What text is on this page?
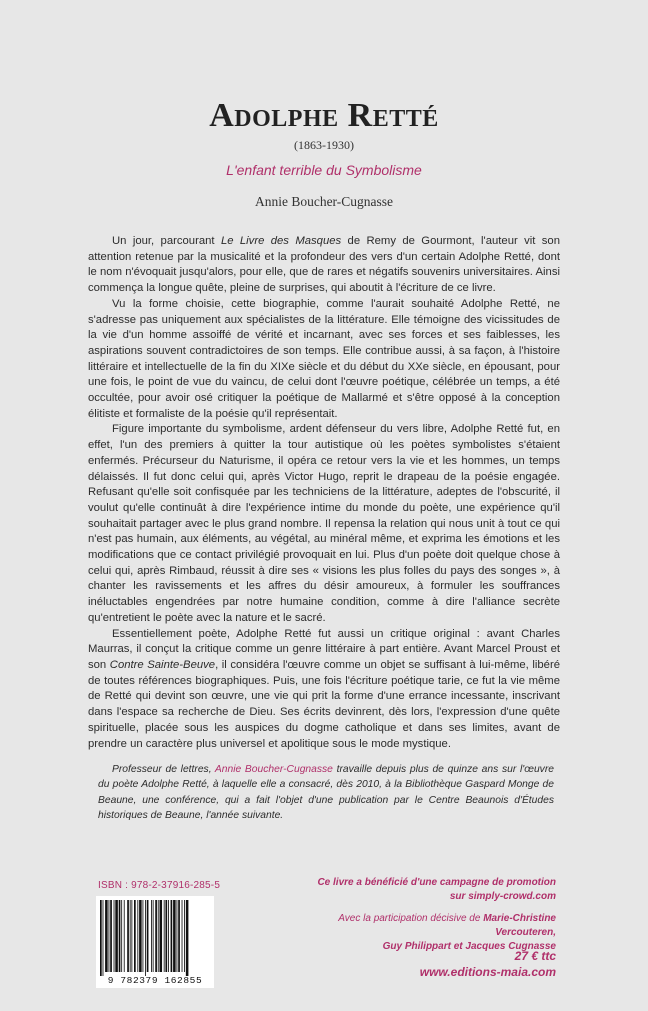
Adolphe Retté
(1863-1930)
L'enfant terrible du Symbolisme
Annie Boucher-Cugnasse

Un jour, parcourant Le Livre des Masques de Remy de Gourmont, l'auteur vit son attention retenue par la musicalité et la profondeur des vers d'un certain Adolphe Retté, dont le nom n'évoquait jusqu'alors, pour elle, que de rares et négatifs souvenirs universitaires. Ainsi commença la longue quête, pleine de surprises, qui aboutit à l'écriture de ce livre.

Vu la forme choisie, cette biographie, comme l'aurait souhaité Adolphe Retté, ne s'adresse pas uniquement aux spécialistes de la littérature. Elle témoigne des vicissitudes de la vie d'un homme assoiffé de vérité et incarnant, avec ses forces et ses faiblesses, les aspirations souvent contradictoires de son temps. Elle contribue aussi, à sa façon, à l'histoire littéraire et intellectuelle de la fin du XIXe siècle et du début du XXe siècle, en épousant, pour une fois, le point de vue du vaincu, de celui dont l'œuvre poétique, célébrée un temps, a été occultée, pour avoir osé critiquer la poétique de Mallarmé et s'être opposé à la conception élitiste et formaliste de la poésie qu'il représentait.

Figure importante du symbolisme, ardent défenseur du vers libre, Adolphe Retté fut, en effet, l'un des premiers à quitter la tour autistique où les poètes symbolistes s'étaient enfermés. Précurseur du Naturisme, il opéra ce retour vers la vie et les hommes, un temps délaissés. Il fut donc celui qui, après Victor Hugo, reprit le drapeau de la poésie engagée. Refusant qu'elle soit confisquée par les techniciens de la littérature, adeptes de l'obscurité, il voulut qu'elle continuât à dire l'expérience intime du monde du poète, une expérience qu'il souhaitait partager avec le plus grand nombre. Il repensa la relation qui nous unit à tout ce qui n'est pas humain, aux éléments, au végétal, au minéral même, et exprima les émotions et les modifications que ce contact privilégié provoquait en lui. Plus d'un poète doit quelque chose à celui qui, après Rimbaud, réussit à dire ses « visions les plus folles du pays des songes », à chanter les ravissements et les affres du désir amoureux, à formuler les souffrances inéluctables engendrées par notre humaine condition, comme à dire l'alliance secrète qu'entretient le poète avec la nature et le sacré.

Essentiellement poète, Adolphe Retté fut aussi un critique original : avant Charles Maurras, il conçut la critique comme un genre littéraire à part entière. Avant Marcel Proust et son Contre Sainte-Beuve, il considéra l'œuvre comme un objet se suffisant à lui-même, libéré de toutes références biographiques. Puis, une fois l'écriture poétique tarie, ce fut la vie même de Retté qui devint son œuvre, une vie qui prit la forme d'une errance incessante, inscrivant dans l'espace sa recherche de Dieu. Ses écrits devinrent, dès lors, l'expression d'une quête spirituelle, placée sous les auspices du dogme catholique et dans ses limites, avant de prendre un caractère plus universel et apolitique sous le mode mystique.

Professeur de lettres, Annie Boucher-Cugnasse travaille depuis plus de quinze ans sur l'œuvre du poète Adolphe Retté, à laquelle elle a consacré, dès 2010, à la Bibliothèque Gaspard Monge de Beaune, une conférence, qui a fait l'objet d'une publication par le Centre Beaunois d'Études historiques de Beaune, l'année suivante.

ISBN : 978-2-37916-285-5
9 782379 162855
Ce livre a bénéficié d'une campagne de promotion
sur simply-crowd.com
Avec la participation décisive de Marie-Christine Vercouteren,
Guy Philippart et Jacques Cugnasse
27 € ttc
www.editions-maia.com
